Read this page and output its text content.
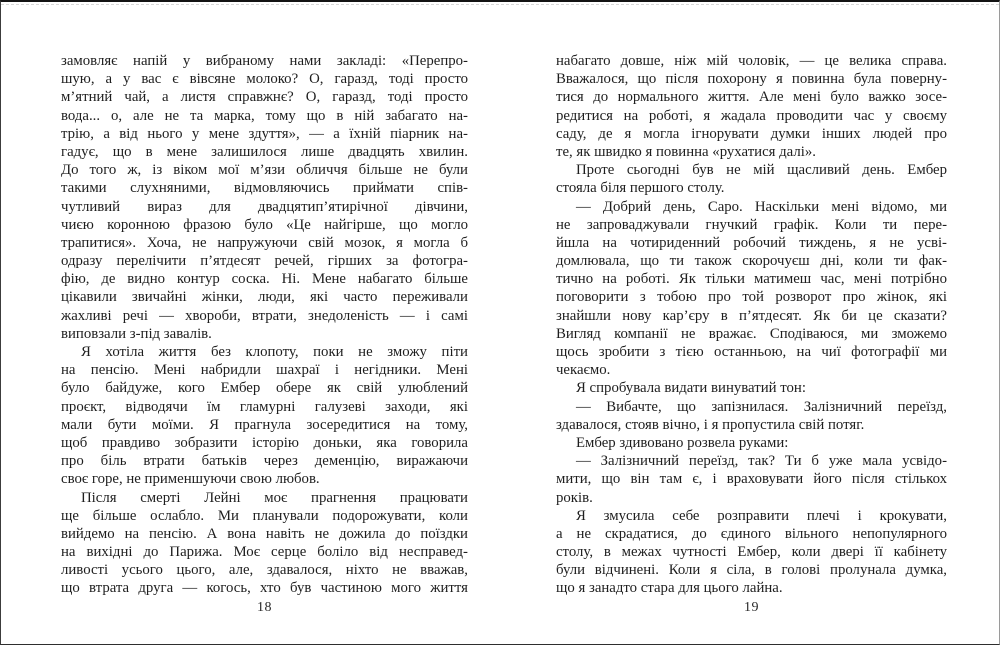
замовляє напій у вибраному нами закладі: «Перепро-
шую, а у вас є вівсяне молоко? О, гаразд, тоді просто
м’ятний чай, а листя справжнє? О, гаразд, тоді просто
вода... о, але не та марка, тому що в ній забагато на-
трію, а від нього у мене здуття», — а їхній піарник на-
гадує, що в мене залишилося лише двадцять хвилин.
До того ж, із віком мої м’язи обличчя більше не були
такими слухняними, відмовляючись приймати спів-
чутливий вираз для двадцятип’ятирічної дівчини,
чиєю коронною фразою було «Це найгірше, що могло
трапитися». Хоча, не напружуючи свій мозок, я могла б
одразу перелічити п’ятдесят речей, гірших за фотогра-
фію, де видно контур соска. Ні. Мене набагато більше
цікавили звичайні жінки, люди, які часто переживали
жахливі речі — хвороби, втрати, знедоленість — і самі
виповзали з-під завалів.
Я хотіла життя без клопоту, поки не зможу піти
на пенсію. Мені набридли шахраї і негідники. Мені
було байдуже, кого Ембер обере як свій улюблений
проєкт, відводячи їм гламурні галузеві заходи, які
мали бути моїми. Я прагнула зосередитися на тому,
щоб правдиво зобразити історію доньки, яка говорила
про біль втрати батьків через деменцію, виражаючи
своє горе, не применшуючи свою любов.
Після смерті Лейні моє прагнення працювати
ще більше ослабло. Ми планували подорожувати, коли
вийдемо на пенсію. А вона навіть не дожила до поїздки
на вихідні до Парижа. Моє серце боліло від несправед-
ливості усього цього, але, здавалося, ніхто не вважав,
що втрата друга — когось, хто був частиною мого життя
18
набагато довше, ніж мій чоловік, — це велика справа.
Вважалося, що після похорону я повинна була поверну-
тися до нормального життя. Але мені було важко зосе-
редитися на роботі, я жадала проводити час у своєму
саду, де я могла ігнорувати думки інших людей про
те, як швидко я повинна «рухатися далі».
Проте сьогодні був не мій щасливий день. Ембер
стояла біля першого столу.
— Добрий день, Саро. Наскільки мені відомо, ми
не запроваджували гнучкий графік. Коли ти пере-
йшла на чотириденний робочий тиждень, я не усві-
домлювала, що ти також скорочуєш дні, коли ти фак-
тично на роботі. Як тільки матимеш час, мені потрібно
поговорити з тобою про той розворот про жінок, які
знайшли нову кар’єру в п’ятдесят. Як би це сказати?
Вигляд компанії не вражає. Сподіваюся, ми зможемо
щось зробити з тією останньою, на чиї фотографії ми
чекаємо.
Я спробувала видати винуватий тон:
— Вибачте, що запізнилася. Залізничний переїзд,
здавалося, стояв вічно, і я пропустила свій потяг.
Ембер здивовано розвела руками:
— Залізничний переїзд, так? Ти б уже мала усвідо-
мити, що він там є, і враховувати його після стількох
років.
Я змусила себе розправити плечі і крокувати,
а не скрадатися, до єдиного вільного непопулярного
столу, в межах чутності Ембер, коли двері її кабінету
були відчинені. Коли я сіла, в голові пролунала думка,
що я занадто стара для цього лайна.
19
